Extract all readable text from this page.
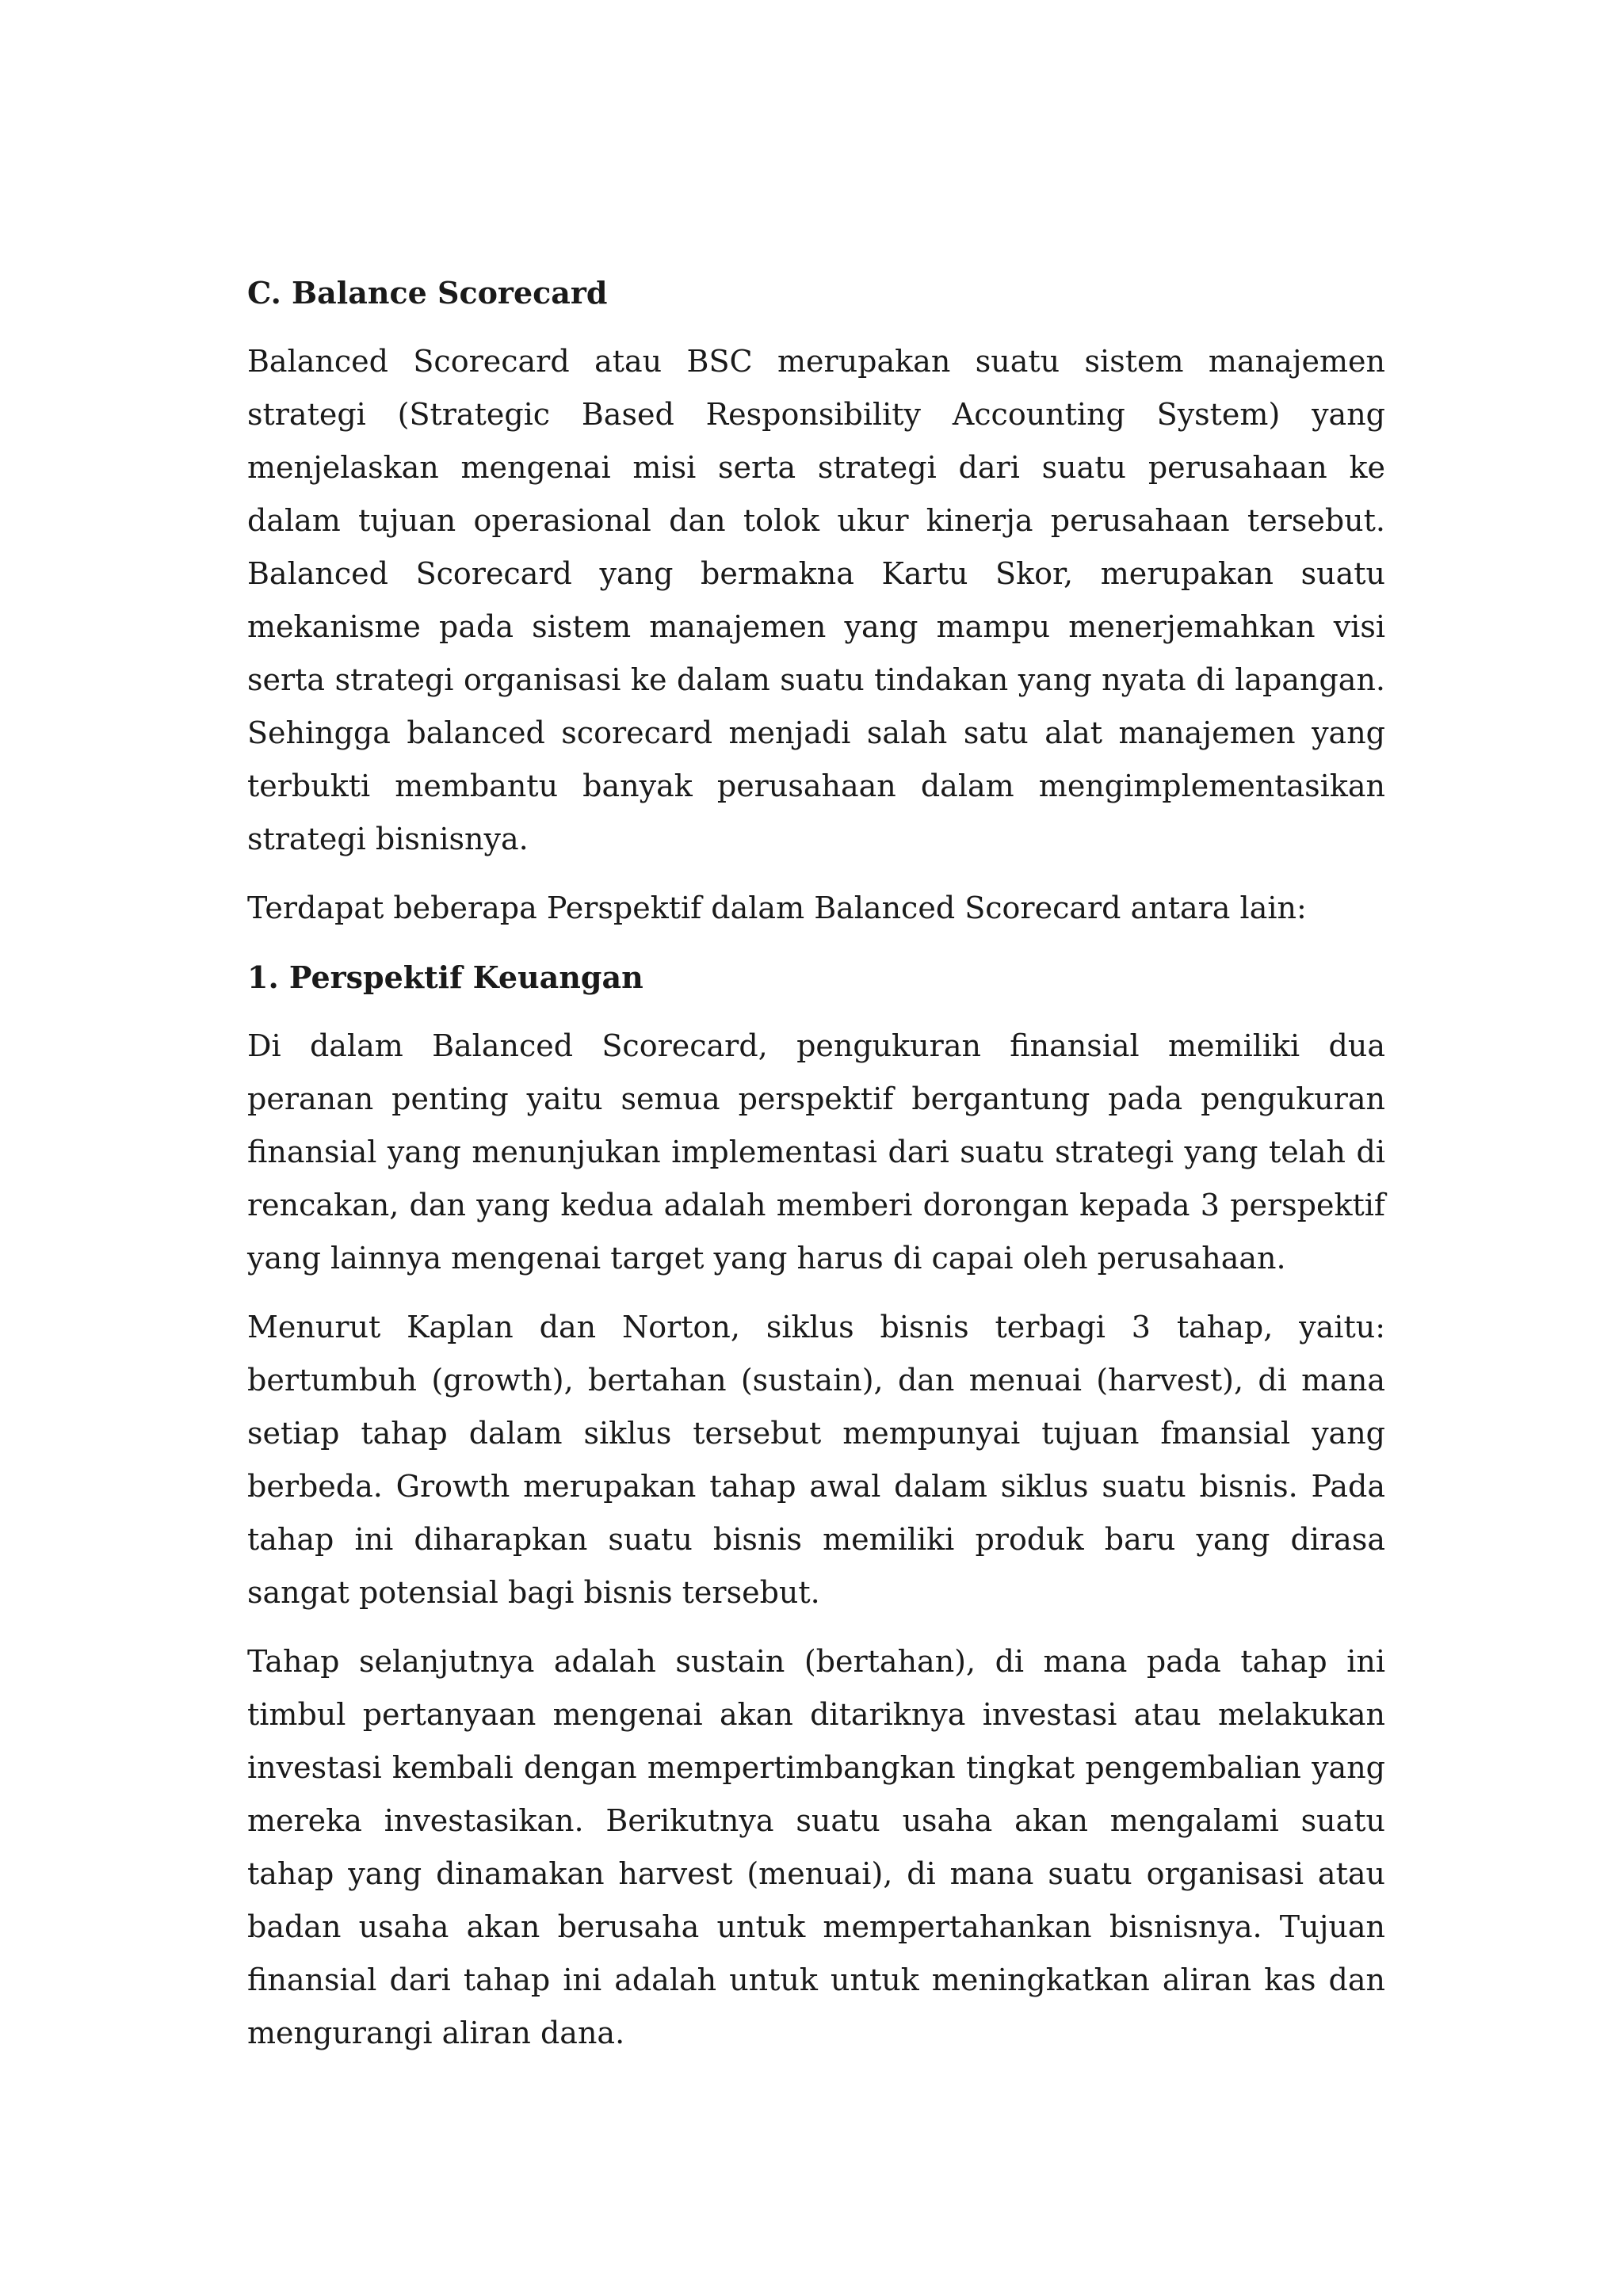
C. Balance Scorecard

Balanced Scorecard atau BSC merupakan suatu sistem manajemen strategi (Strategic Based Responsibility Accounting System) yang menjelaskan mengenai misi serta strategi dari suatu perusahaan ke dalam tujuan operasional dan tolok ukur kinerja perusahaan tersebut. Balanced Scorecard yang bermakna Kartu Skor, merupakan suatu mekanisme pada sistem manajemen yang mampu menerjemahkan visi serta strategi organisasi ke dalam suatu tindakan yang nyata di lapangan. Sehingga balanced scorecard menjadi salah satu alat manajemen yang terbukti membantu banyak perusahaan dalam mengimplementasikan strategi bisnisnya.

Terdapat beberapa Perspektif dalam Balanced Scorecard antara lain:

1. Perspektif Keuangan

Di dalam Balanced Scorecard, pengukuran finansial memiliki dua peranan penting yaitu semua perspektif bergantung pada pengukuran finansial yang menunjukan implementasi dari suatu strategi yang telah di rencakan, dan yang kedua adalah memberi dorongan kepada 3 perspektif yang lainnya mengenai target yang harus di capai oleh perusahaan.

Menurut Kaplan dan Norton, siklus bisnis terbagi 3 tahap, yaitu: bertumbuh (growth), bertahan (sustain), dan menuai (harvest), di mana setiap tahap dalam siklus tersebut mempunyai tujuan fmansial yang berbeda. Growth merupakan tahap awal dalam siklus suatu bisnis. Pada tahap ini diharapkan suatu bisnis memiliki produk baru yang dirasa sangat potensial bagi bisnis tersebut.

Tahap selanjutnya adalah sustain (bertahan), di mana pada tahap ini timbul pertanyaan mengenai akan ditariknya investasi atau melakukan investasi kembali dengan mempertimbangkan tingkat pengembalian yang mereka investasikan. Berikutnya suatu usaha akan mengalami suatu tahap yang dinamakan harvest (menuai), di mana suatu organisasi atau badan usaha akan berusaha untuk mempertahankan bisnisnya. Tujuan finansial dari tahap ini adalah untuk untuk meningkatkan aliran kas dan mengurangi aliran dana.
